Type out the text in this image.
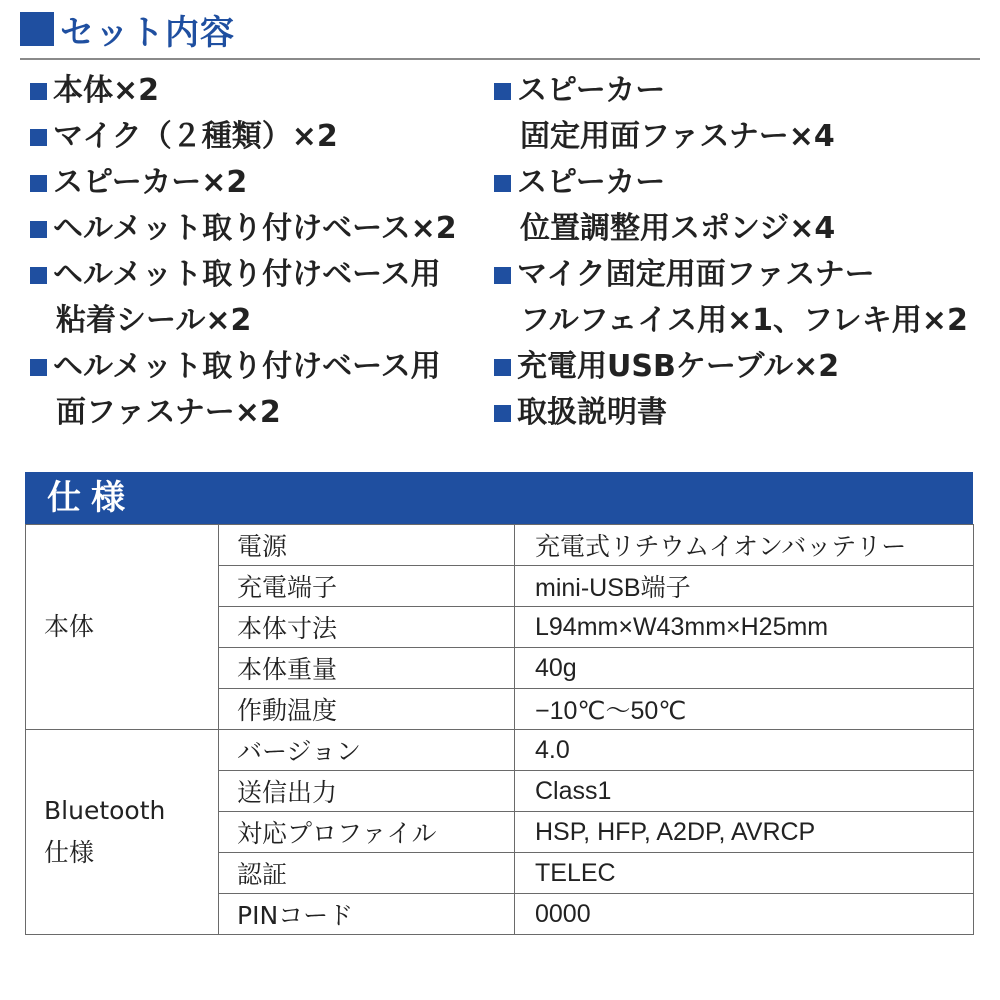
セット内容
本体×2
マイク（２種類）×2
スピーカー×2
ヘルメット取り付けベース×2
ヘルメット取り付けベース用
粘着シール×2
ヘルメット取り付けベース用
面ファスナー×2
スピーカー
固定用面ファスナー×4
スピーカー
位置調整用スポンジ×4
マイク固定用面ファスナー
フルフェイス用×1、フレキ用×2
充電用USBケーブル×2
取扱説明書
仕様
本体	電源	充電式リチウムイオンバッテリー
	充電端子	mini-USB端子
	本体寸法	L94mm×W43mm×H25mm
	本体重量	40g
	作動温度	−10℃〜50℃
Bluetooth
仕様	バージョン	4.0
	送信出力	Class1
	対応プロファイル	HSP, HFP, A2DP, AVRCP
	認証	TELEC
	PINコード	0000
